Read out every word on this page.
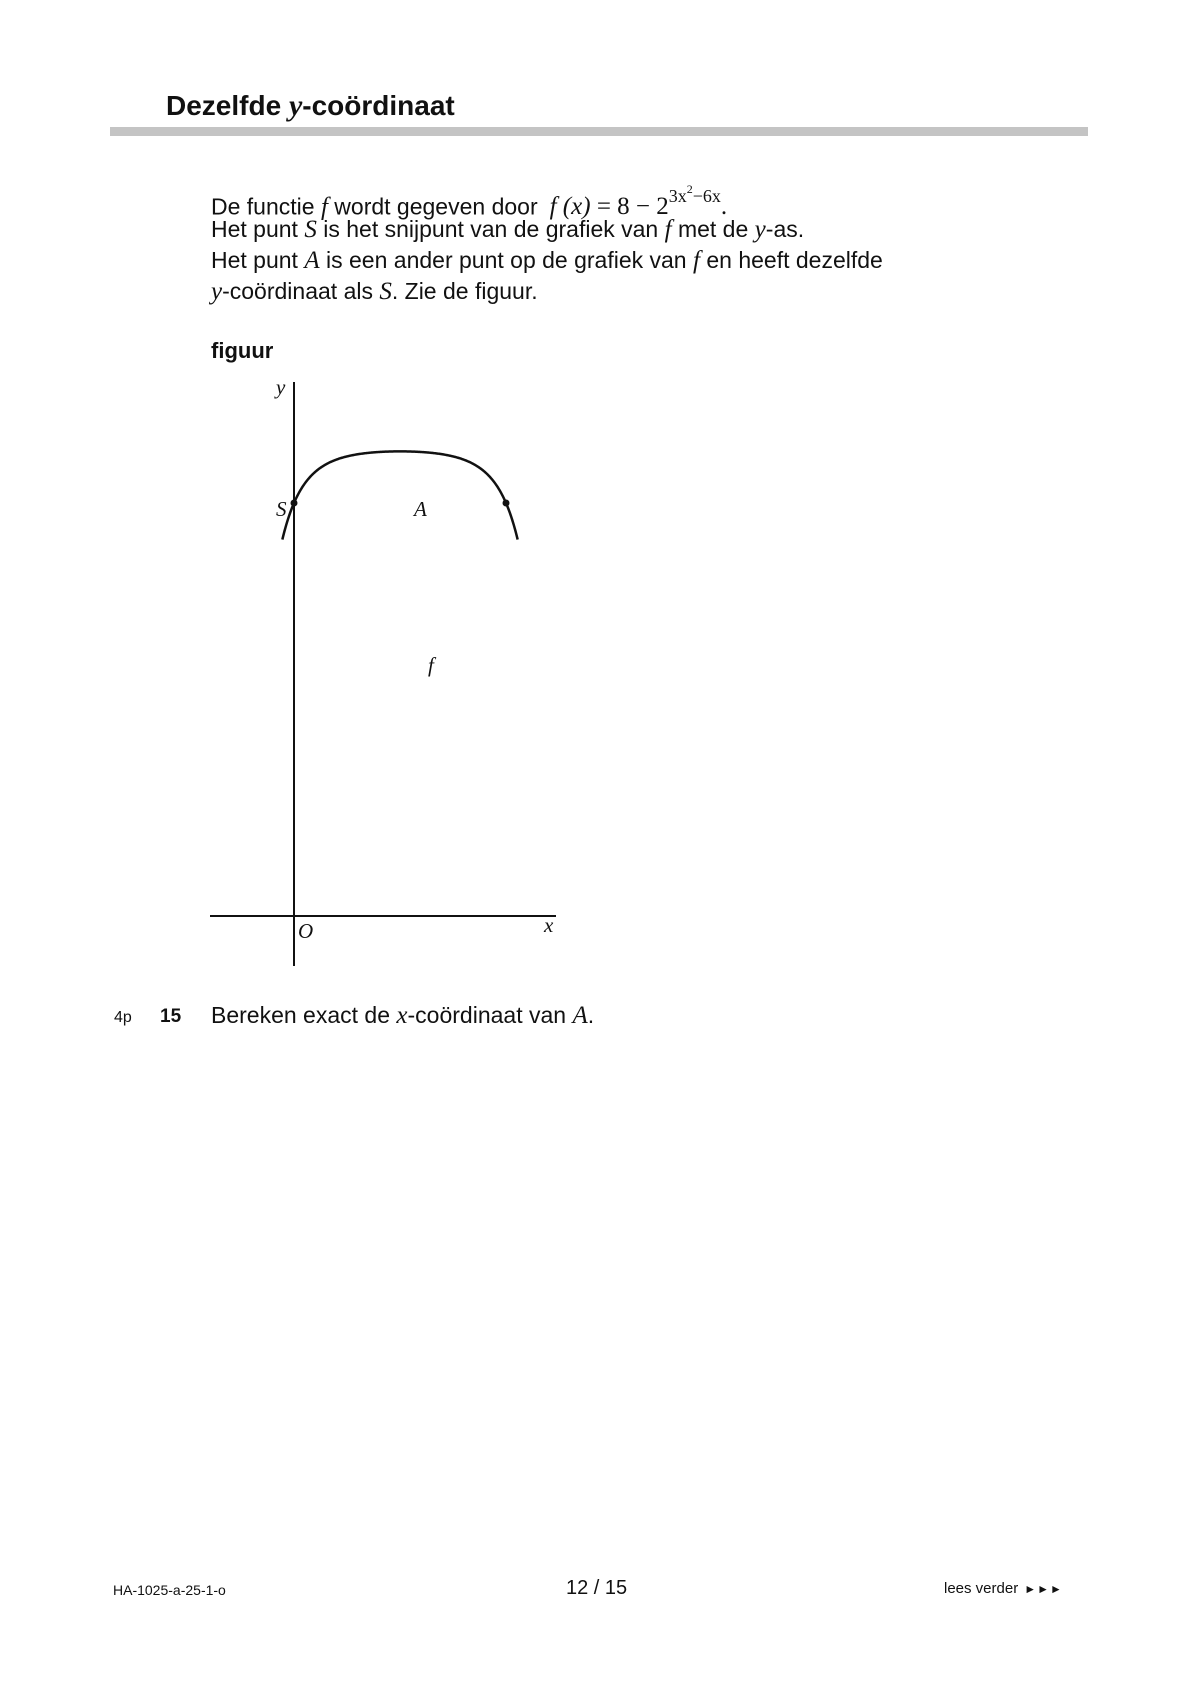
Dezelfde y-coördinaat
De functie f wordt gegeven door f $(x) = 8 - 2^{3x^2-6x}$.
Het punt S is het snijpunt van de grafiek van f met de y-as.
Het punt A is een ander punt op de grafiek van f en heeft dezelfde
y-coördinaat als S. Zie de figuur.
figuur
y
x
O
S	A
f
4p 15 Bereken exact de x-coördinaat van A.
HA-1025-a-25-1-o	12 / 15	lees verder ►►►
